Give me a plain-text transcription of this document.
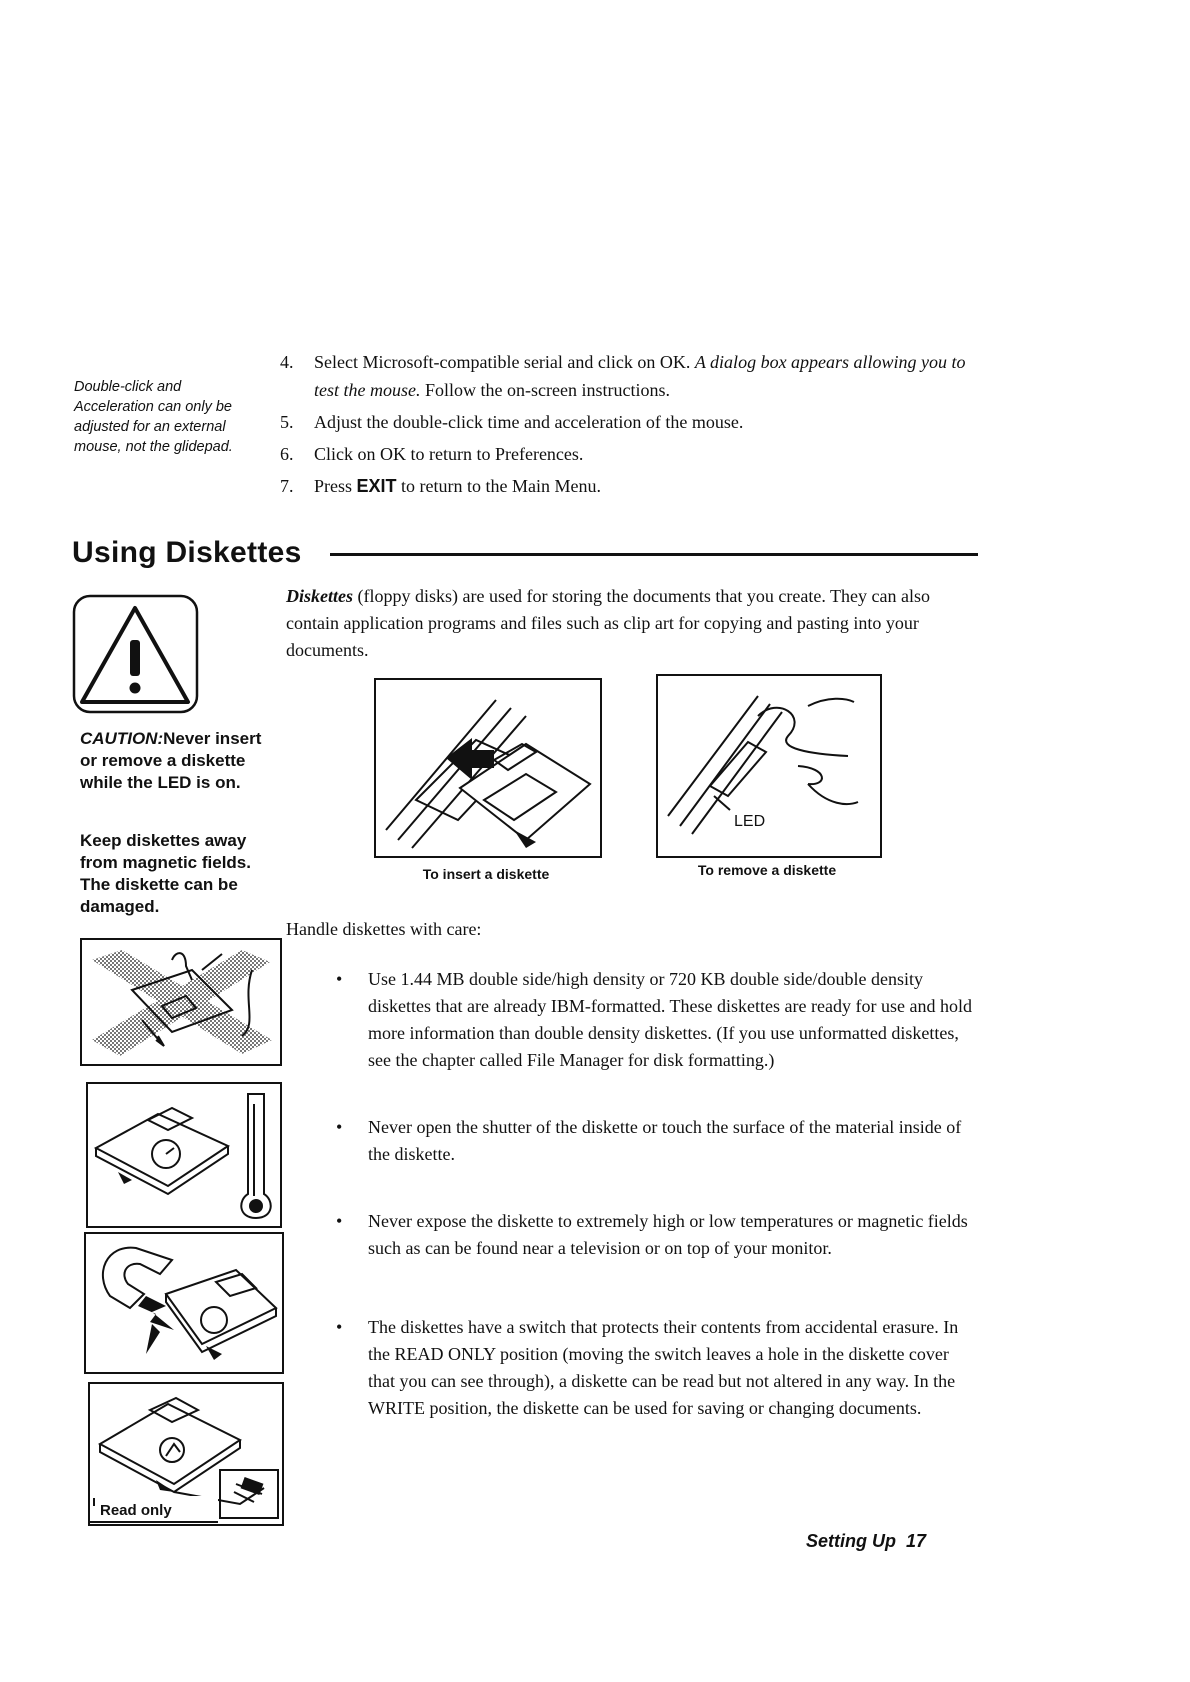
Double-click and Acceleration can only be adjusted for an external mouse, not the glidepad.
4.	Select Microsoft-compatible serial and click on OK. A dialog box appears allowing you to test the mouse. Follow the on-screen instructions.
5.	Adjust the double-click time and acceleration of the mouse.
6.	Click on OK to return to Preferences.
7.	Press EXIT to return to the Main Menu.
Using Diskettes
Diskettes (floppy disks) are used for storing the documents that you create. They can also contain application programs and files such as clip art for copying and pasting into your documents.
CAUTION:Never insert or remove a diskette while the LED is on.
Keep diskettes away from magnetic fields. The diskette can be damaged.
To insert a diskette
LED
To remove a diskette
Read only
Handle diskettes with care:
•	Use 1.44 MB double side/high density or 720 KB double side/double density diskettes that are already IBM-formatted. These diskettes are ready for use and hold more information than double density diskettes. (If you use unformatted diskettes, see the chapter called File Manager for disk formatting.)
•	Never open the shutter of the diskette or touch the surface of the material inside of the diskette.
•	Never expose the diskette to extremely high or low temperatures or magnetic fields such as can be found near a television or on top of your monitor.
•	The diskettes have a switch that protects their contents from accidental erasure. In the READ ONLY position (moving the switch leaves a hole in the diskette cover that you can see through), a diskette can be read but not altered in any way. In the WRITE position, the diskette can be used for saving or changing documents.
Setting Up 17
